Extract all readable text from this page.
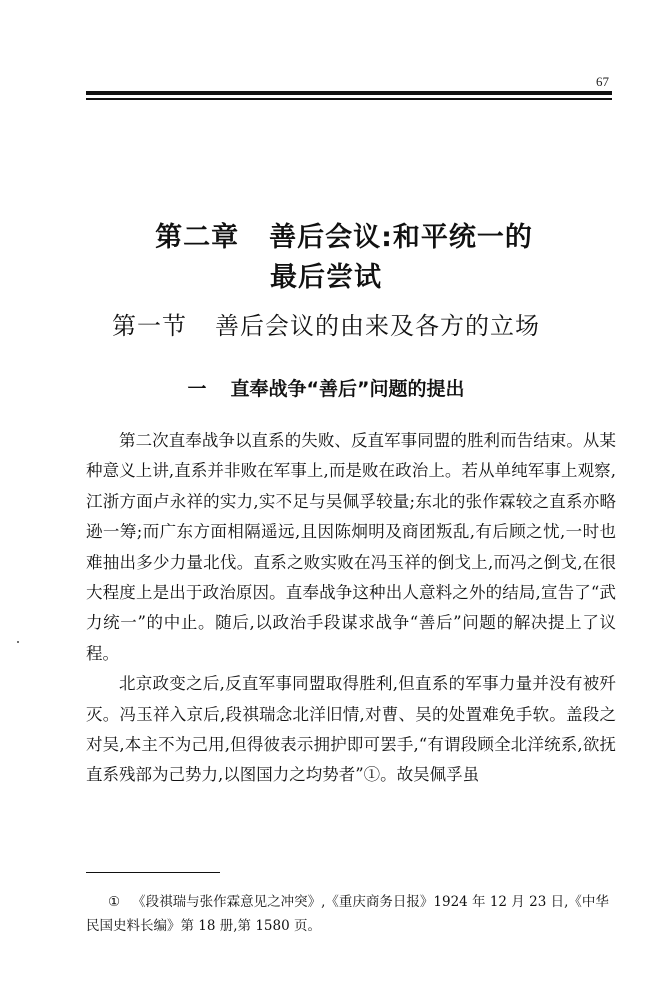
67
第二章 善后会议:和平统一的
最后尝试
第一节 善后会议的由来及各方的立场
一 直奉战争“善后”问题的提出

第二次直奉战争以直系的失败、反直军事同盟的胜利而告结束。从某种意义上讲,直系并非败在军事上,而是败在政治上。若从单纯军事上观察,江浙方面卢永祥的实力,实不足与吴佩孚较量;东北的张作霖较之直系亦略逊一筹;而广东方面相隔遥远,且因陈炯明及商团叛乱,有后顾之忧,一时也难抽出多少力量北伐。直系之败实败在冯玉祥的倒戈上,而冯之倒戈,在很大程度上是出于政治原因。直奉战争这种出人意料之外的结局,宣告了“武力统一”的中止。随后,以政治手段谋求战争“善后”问题的解决提上了议程。

北京政变之后,反直军事同盟取得胜利,但直系的军事力量并没有被歼灭。冯玉祥入京后,段祺瑞念北洋旧情,对曹、吴的处置难免手软。盖段之对吴,本主不为己用,但得彼表示拥护即可罢手,“有谓段顾全北洋统系,欲抚直系残部为己势力,以图国力之均势者”①。故吴佩孚虽

① 《段祺瑞与张作霖意见之冲突》,《重庆商务日报》1924 年 12 月 23 日,《中华民国史料长编》第 18 册,第 1580 页。
